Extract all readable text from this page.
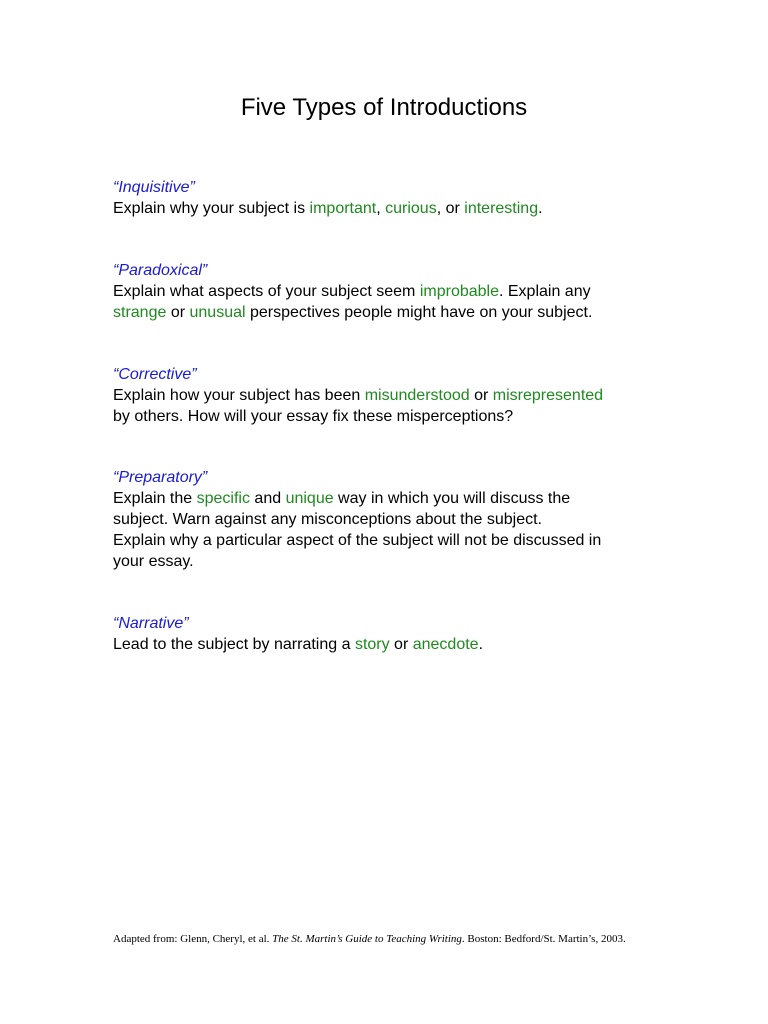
Five Types of Introductions

“Inquisitive”

Explain why your subject is important, curious, or interesting.

“Paradoxical”

Explain what aspects of your subject seem improbable. Explain any
strange or unusual perspectives people might have on your subject.

“Corrective”

Explain how your subject has been misunderstood or misrepresented
by others. How will your essay fix these misperceptions?

“Preparatory”

Explain the specific and unique way in which you will discuss the
subject. Warn against any misconceptions about the subject.
Explain why a particular aspect of the subject will not be discussed in
your essay.

“Narrative”

Lead to the subject by narrating a story or anecdote.

Adapted from: Glenn, Cheryl, et al. The St. Martin’s Guide to Teaching Writing. Boston: Bedford/St. Martin’s, 2003.
